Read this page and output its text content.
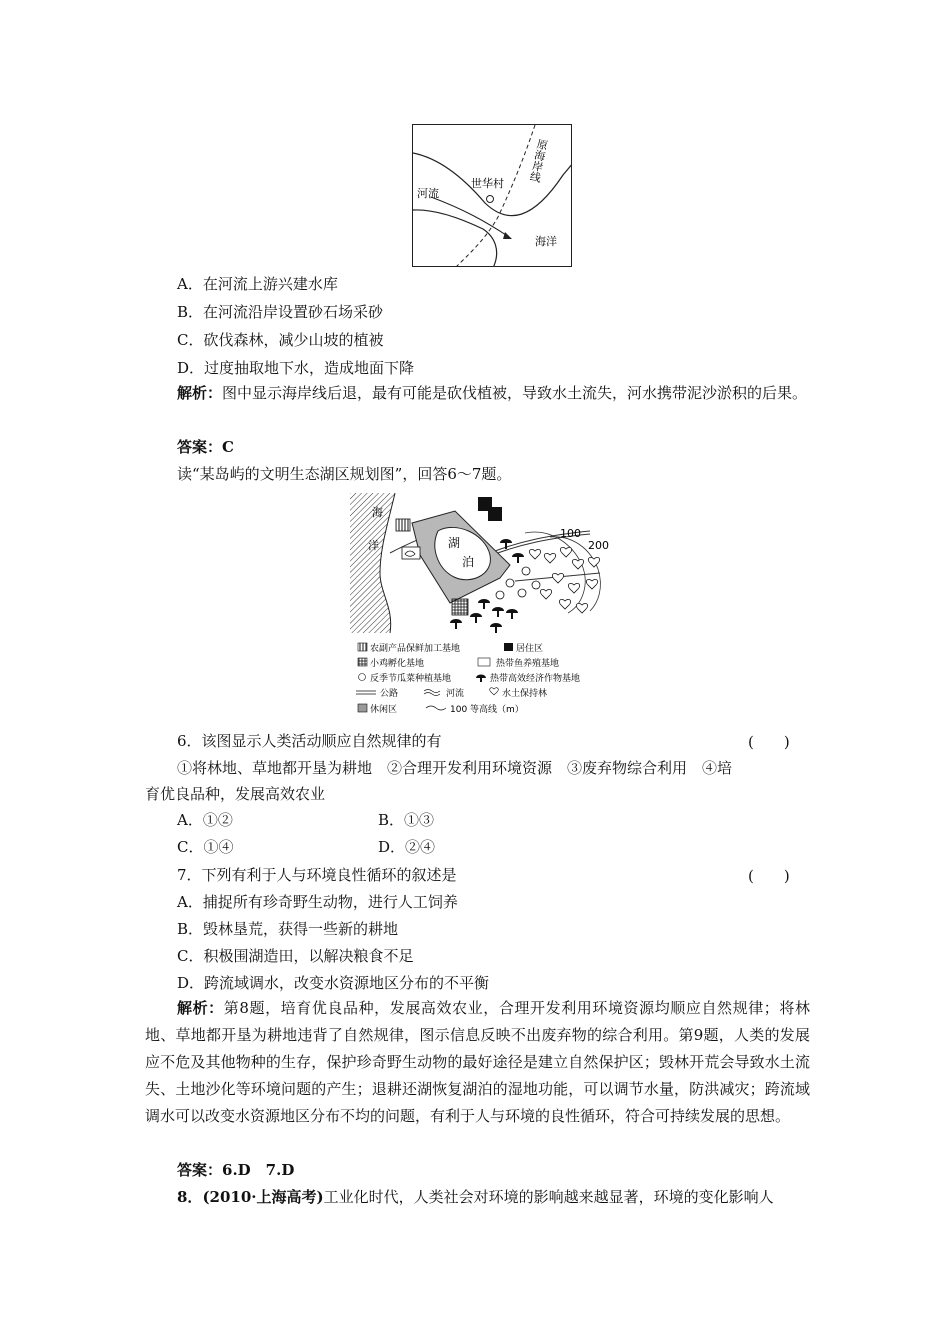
世华村
河流
海洋
原海岸线
A．在河流上游兴建水库
B．在河流沿岸设置砂石场采砂
C．砍伐森林，减少山坡的植被
D．过度抽取地下水，造成地面下降
解析：图中显示海岸线后退，最有可能是砍伐植被，导致水土流失，河水携带泥沙淤积的后果。
答案：C
读“某岛屿的文明生态湖区规划图”，回答6～7题。
海
洋	湖
泊
100
200
农副产品保鲜加工基地	居住区
小鸡孵化基地	热带鱼养殖基地
反季节瓜菜种植基地	热带高效经济作物基地
公路	河流	水土保持林
休闲区	100 等高线（m）
6．该图显示人类活动顺应自然规律的有	(　　)
①将林地、草地都开垦为耕地　②合理开发利用环境资源　③废弃物综合利用　④培
育优良品种，发展高效农业
A．①②	B．①③
C．①④	D．②④
7．下列有利于人与环境良性循环的叙述是	(　　)
A．捕捉所有珍奇野生动物，进行人工饲养
B．毁林垦荒，获得一些新的耕地
C．积极围湖造田，以解决粮食不足
D．跨流域调水，改变水资源地区分布的不平衡
解析：第8题，培育优良品种，发展高效农业，合理开发利用环境资源均顺应自然规律；将林地、草地都开垦为耕地违背了自然规律，图示信息反映不出废弃物的综合利用。第9题，人类的发展应不危及其他物种的生存，保护珍奇野生动物的最好途径是建立自然保护区；毁林开荒会导致水土流失、土地沙化等环境问题的产生；退耕还湖恢复湖泊的湿地功能，可以调节水量，防洪减灾；跨流域调水可以改变水资源地区分布不均的问题，有利于人与环境的良性循环，符合可持续发展的思想。
答案：6.D　7.D
8．(2010·上海高考)工业化时代，人类社会对环境的影响越来越显著，环境的变化影响人
